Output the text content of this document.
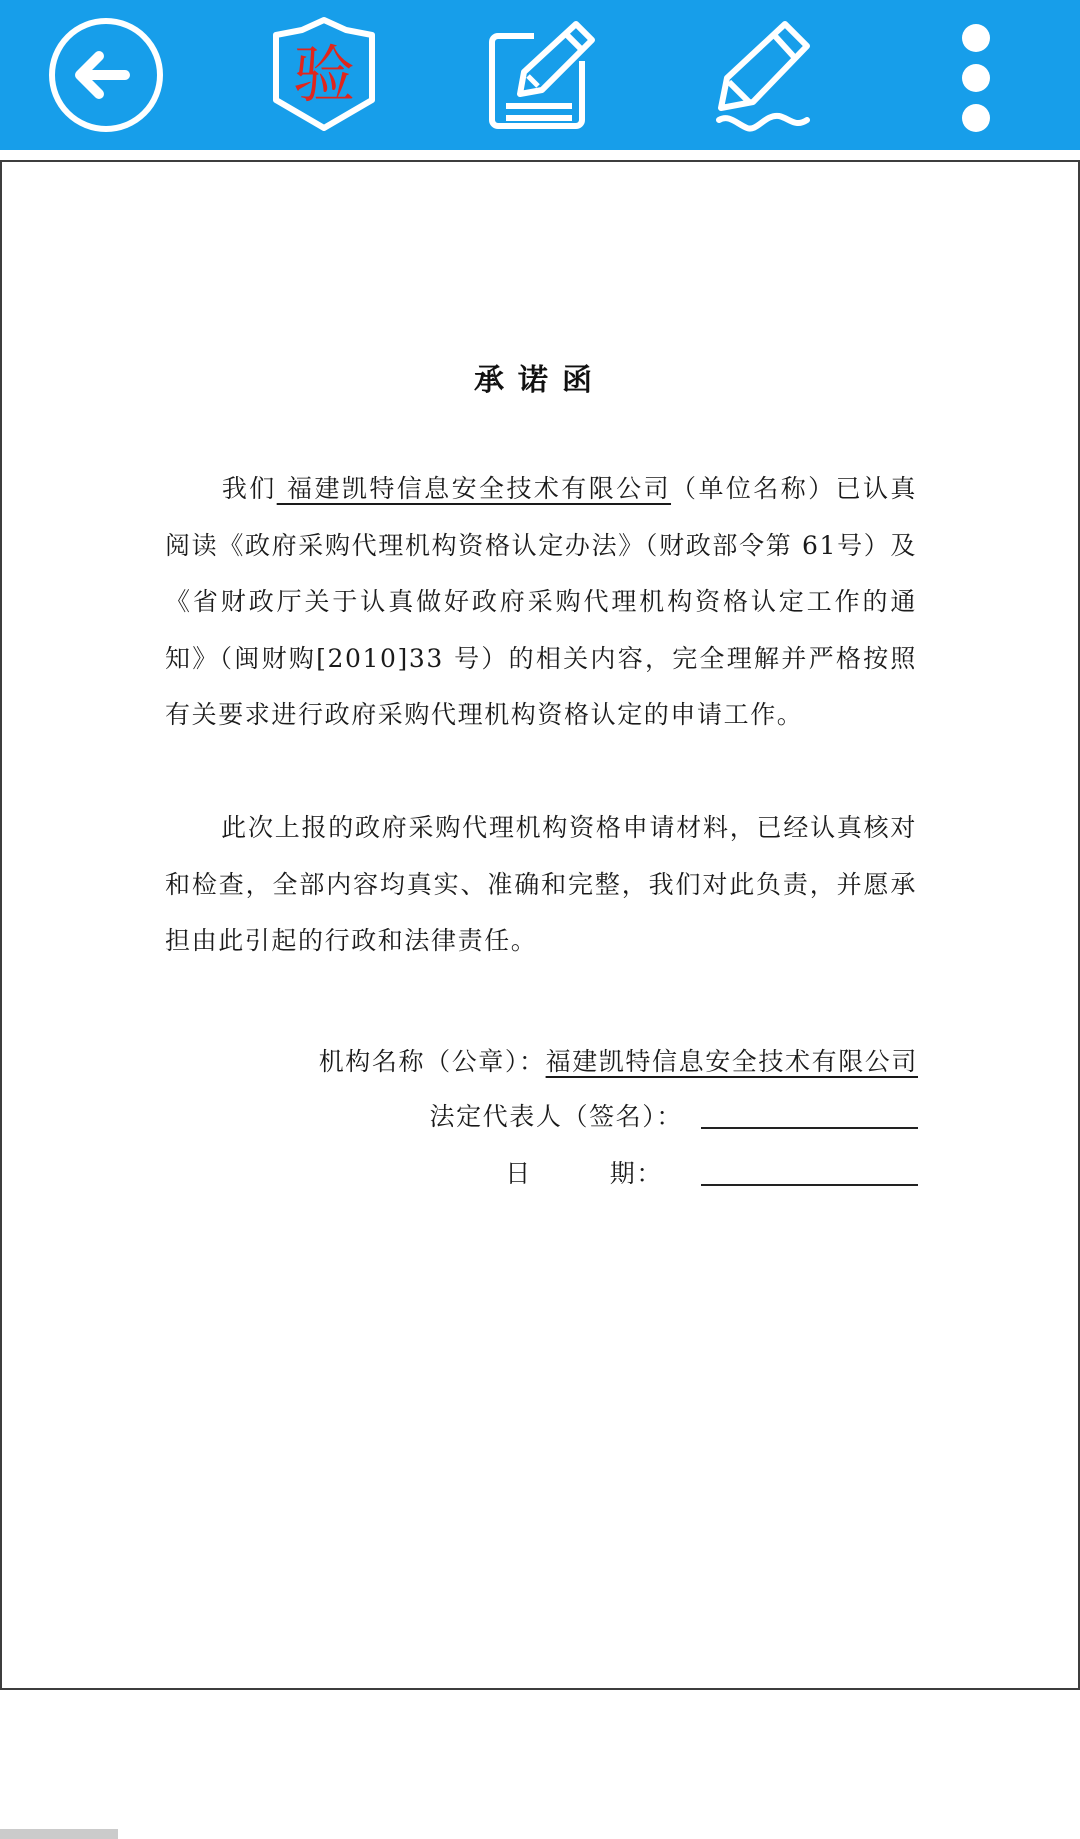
验
承诺函

我们 福建凯特信息安全技术有限公司（单位名称）已认真阅读《政府采购代理机构资格认定办法》（财政部令第 61号）及《省财政厅关于认真做好政府采购代理机构资格认定工作的通知》（闽财购[2010]33 号）的相关内容，完全理解并严格按照有关要求进行政府采购代理机构资格认定的申请工作。

此次上报的政府采购代理机构资格申请材料，已经认真核对和检查，全部内容均真实、准确和完整，我们对此负责，并愿承担由此引起的行政和法律责任。

机构名称（公章）： 福建凯特信息安全技术有限公司
法定代表人（签名）：
日	期：
